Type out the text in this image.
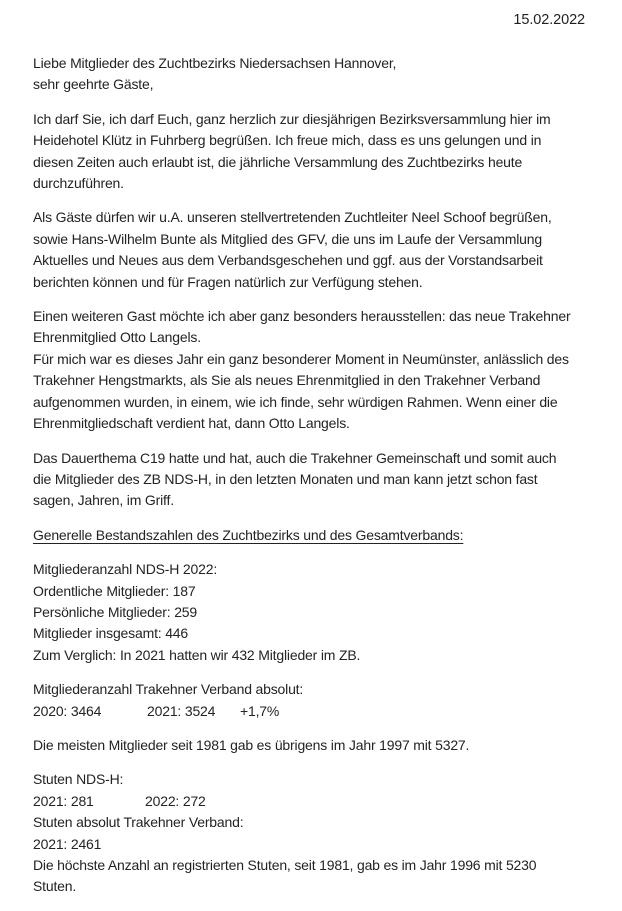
15.02.2022
Liebe Mitglieder des Zuchtbezirks Niedersachsen Hannover,
sehr geehrte Gäste,
Ich darf Sie, ich darf Euch, ganz herzlich zur diesjährigen Bezirksversammlung hier im
Heidehotel Klütz in Fuhrberg begrüßen. Ich freue mich, dass es uns gelungen und in
diesen Zeiten auch erlaubt ist, die jährliche Versammlung des Zuchtbezirks heute
durchzuführen.
Als Gäste dürfen wir u.A. unseren stellvertretenden Zuchtleiter Neel Schoof begrüßen,
sowie Hans-Wilhelm Bunte als Mitglied des GFV, die uns im Laufe der Versammlung
Aktuelles und Neues aus dem Verbandsgeschehen und ggf. aus der Vorstandsarbeit
berichten können und für Fragen natürlich zur Verfügung stehen.
Einen weiteren Gast möchte ich aber ganz besonders herausstellen: das neue Trakehner
Ehrenmitglied Otto Langels.
Für mich war es dieses Jahr ein ganz besonderer Moment in Neumünster, anlässlich des
Trakehner Hengstmarkts, als Sie als neues Ehrenmitglied in den Trakehner Verband
aufgenommen wurden, in einem, wie ich finde, sehr würdigen Rahmen. Wenn einer die
Ehrenmitgliedschaft verdient hat, dann Otto Langels.
Das Dauerthema C19 hatte und hat, auch die Trakehner Gemeinschaft und somit auch
die Mitglieder des ZB NDS-H, in den letzten Monaten und man kann jetzt schon fast
sagen, Jahren, im Griff.
Generelle Bestandszahlen des Zuchtbezirks und des Gesamtverbands:
Mitgliederanzahl NDS-H 2022:
Ordentliche Mitglieder: 187
Persönliche Mitglieder: 259
Mitglieder insgesamt: 446
Zum Verglich: In 2021 hatten wir 432 Mitglieder im ZB.
Mitgliederanzahl Trakehner Verband absolut:
2020: 3464	2021: 3524 +1,7%
Die meisten Mitglieder seit 1981 gab es übrigens im Jahr 1997 mit 5327.
Stuten NDS-H:
2021: 281	2022: 272
Stuten absolut Trakehner Verband:
2021: 2461
Die höchste Anzahl an registrierten Stuten, seit 1981, gab es im Jahr 1996 mit 5230
Stuten.
